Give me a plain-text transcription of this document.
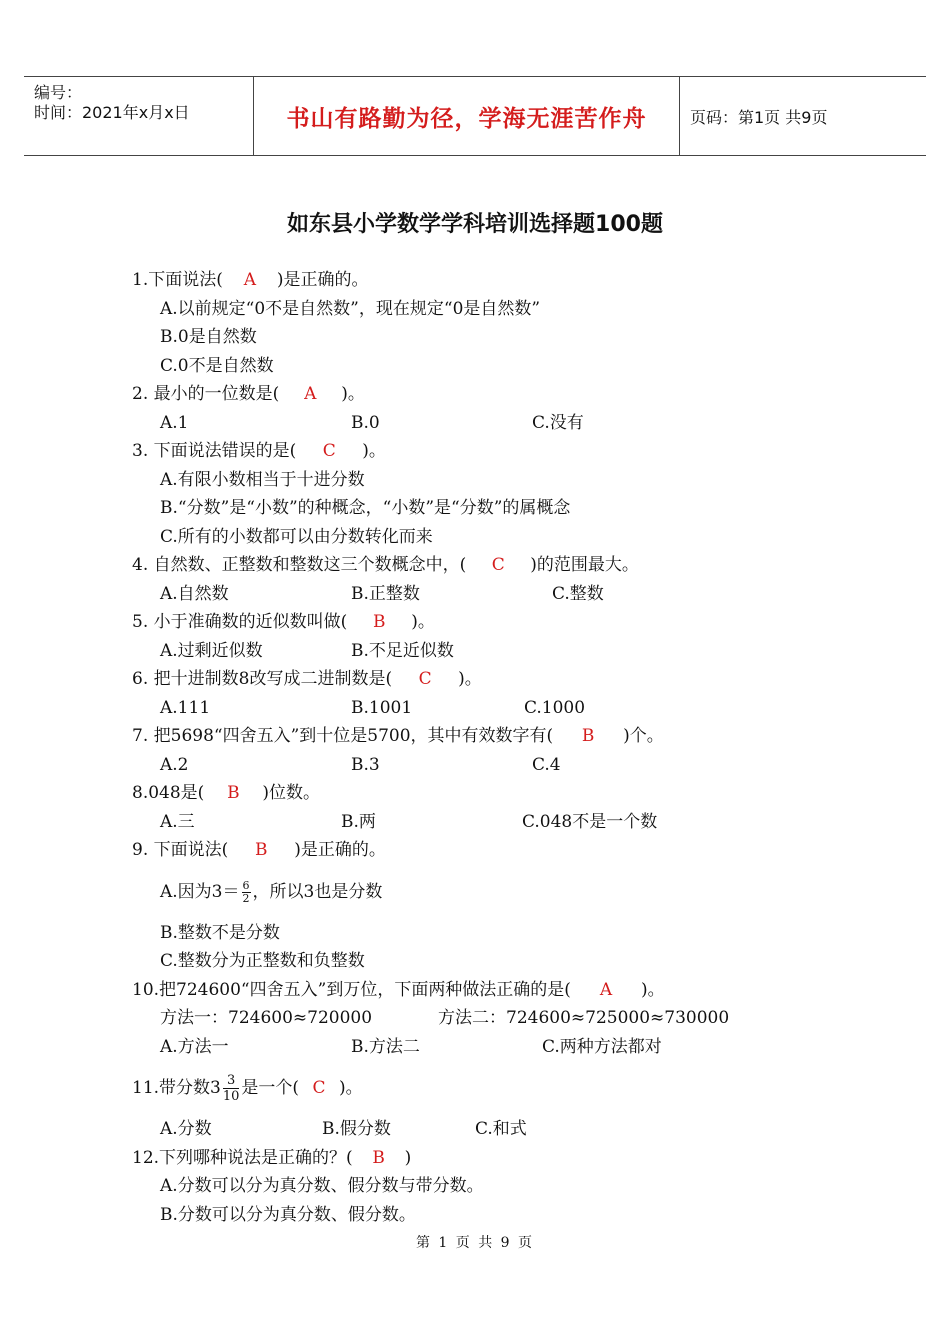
编号：
时间：2021年x月x日	书山有路勤为径，学海无涯苦作舟	页码：第1页 共9页
如东县小学数学学科培训选择题100题
1.下面说法( A )是正确的。
A.以前规定“0不是自然数”，现在规定“0是自然数”
B.0是自然数
C.0不是自然数
2. 最小的一位数是( A )。
A.1	B.0	C.没有
3. 下面说法错误的是( C )。
A.有限小数相当于十进分数
B.“分数”是“小数”的种概念，“小数”是“分数”的属概念
C.所有的小数都可以由分数转化而来
4. 自然数、正整数和整数这三个数概念中，( C )的范围最大。
A.自然数	B.正整数	C.整数
5. 小于准确数的近似数叫做( B )。
A.过剩近似数	B.不足近似数
6. 把十进制数8改写成二进制数是( C )。
A.111	B.1001	C.1000
7. 把5698“四舍五入”到十位是5700，其中有效数字有( B )个。
A.2	B.3	C.4
8.048是( B )位数。
A.三	B.两	C.048不是一个数
9. 下面说法( B )是正确的。
A.因为$3= \frac{6}{2}$ ，所以3也是分数
B.整数不是分数
C.整数分为正整数和负整数
10.把724600“四舍五入”到万位，下面两种做法正确的是( A )。
方法一：724600≈720000	方法二：724600≈725000≈730000
A.方法一	B.方法二	C.两种方法都对
11.带分数$3 \frac{3}{10}$ 是一个( C )。
A.分数	B.假分数	C.和式
12.下列哪种说法是正确的？( B )
A.分数可以分为真分数、假分数与带分数。
B.分数可以分为真分数、假分数。
第 1 页 共 9 页
